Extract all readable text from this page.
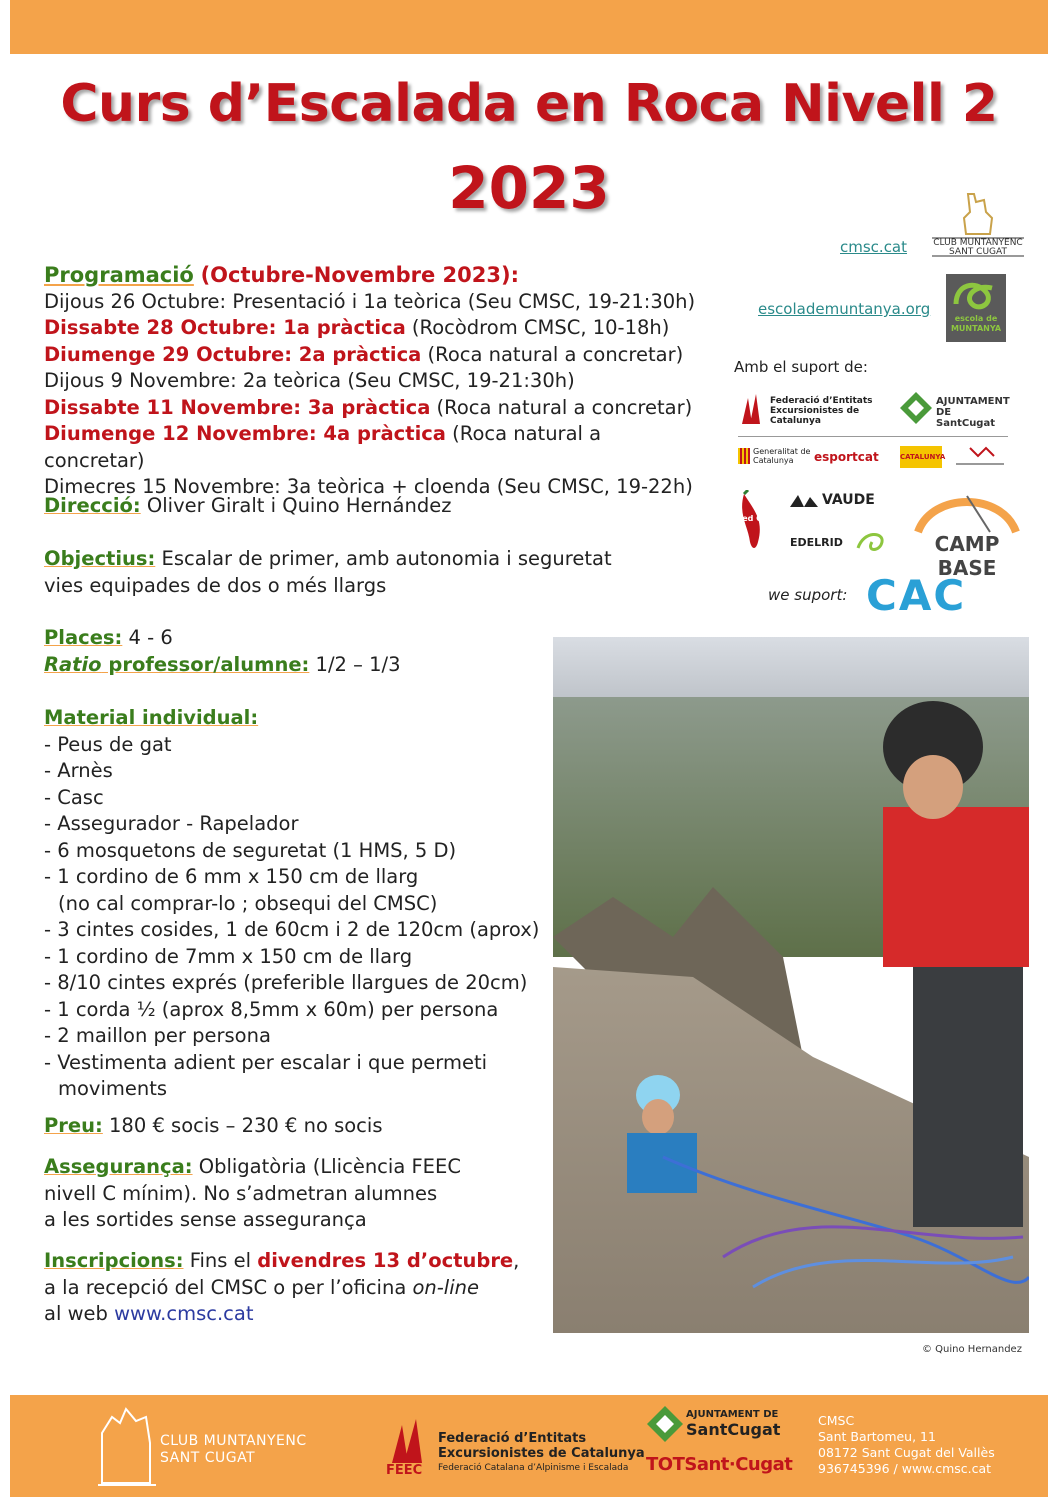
Curs d’Escalada en Roca Nivell 2
2023
Programació (Octubre-Novembre 2023):
Dijous 26 Octubre: Presentació i 1a teòrica (Seu CMSC, 19-21:30h)
Dissabte 28 Octubre: 1a pràctica (Rocòdrom CMSC, 10-18h)
Diumenge 29 Octubre: 2a pràctica (Roca natural a concretar)
Dijous 9 Novembre: 2a teòrica (Seu CMSC, 19-21:30h)
Dissabte 11 Novembre: 3a pràctica (Roca natural a concretar)
Diumenge 12 Novembre: 4a pràctica (Roca natural a concretar)
Dimecres 15 Novembre: 3a teòrica + cloenda (Seu CMSC, 19-22h)
Direcció: Oliver Giralt i Quino Hernández
Objectius: Escalar de primer, amb autonomia i seguretat
vies equipades de dos o més llargs
Places: 4 - 6
Ratio professor/alumne: 1/2 – 1/3
Material individual:
- Peus de gat
- Arnès
- Casc
- Assegurador - Rapelador
- 6 mosquetons de seguretat (1 HMS, 5 D)
- 1 cordino de 6 mm x 150 cm de llarg
(no cal comprar-lo ; obsequi del CMSC)
- 3 cintes cosides, 1 de 60cm i 2 de 120cm (aprox)
- 1 cordino de 7mm x 150 cm de llarg
- 8/10 cintes exprés (preferible llargues de 20cm)
- 1 corda ½ (aprox 8,5mm x 60m) per persona
- 2 maillon per persona
- Vestimenta adient per escalar i que permeti
moviments
Preu: 180 € socis – 230 € no socis
Assegurança: Obligatòria (Llicència FEEC
nivell C mínim). No s’admetran alumnes
a les sortides sense assegurança
Inscripcions: Fins el divendres 13 d’octubre,
a la recepció del CMSC o per l’oficina on-line
al web www.cmsc.cat
cmsc.cat	CLUB MUNTANYENC SANT CUGAT
escolademuntanya.org
escola de MUNTANYA
Amb el suport de:
Federació d’Entitats Excursionistes de Catalunya
AJUNTAMENT DE SantCugat
Generalitat de Catalunya	esportcat	CATALUNYA
Red Chili
VAUDE
EDELRID	CAMP BASE
we suport: CAC
© Quino Hernandez
CLUB MUNTANYENC
SANT CUGAT
FEEC
Federació d’Entitats
Excursionistes de Catalunya
Federació Catalana d’Alpinisme i Escalada
AJUNTAMENT DE
SantCugat
TOTSant·Cugat
CMSC
Sant Bartomeu, 11
08172 Sant Cugat del Vallès
936745396 / www.cmsc.cat
